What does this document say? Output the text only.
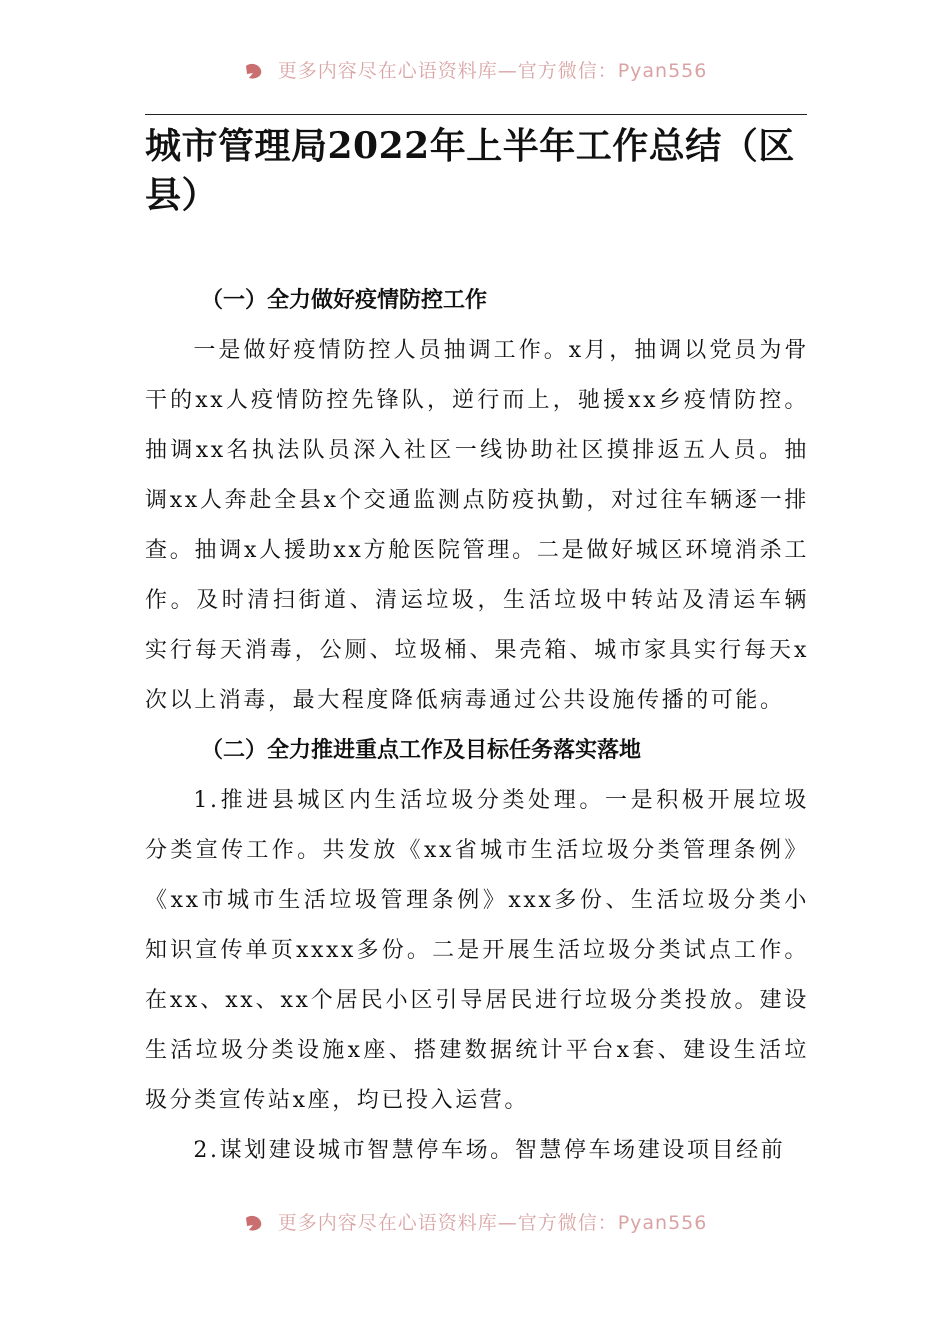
更多内容尽在心语资料库—官方微信：Pyan556
城市管理局2022年上半年工作总结（区县）
（一）全力做好疫情防控工作

一是做好疫情防控人员抽调工作。x月，抽调以党员为骨干的xx人疫情防控先锋队，逆行而上，驰援xx乡疫情防控。抽调xx名执法队员深入社区一线协助社区摸排返五人员。抽调xx人奔赴全县x个交通监测点防疫执勤，对过往车辆逐一排查。抽调x人援助xx方舱医院管理。二是做好城区环境消杀工作。及时清扫街道、清运垃圾，生活垃圾中转站及清运车辆实行每天消毒，公厕、垃圾桶、果壳箱、城市家具实行每天x次以上消毒，最大程度降低病毒通过公共设施传播的可能。

（二）全力推进重点工作及目标任务落实落地

1.推进县城区内生活垃圾分类处理。一是积极开展垃圾分类宣传工作。共发放《xx省城市生活垃圾分类管理条例》《xx市城市生活垃圾管理条例》xxx多份、生活垃圾分类小知识宣传单页xxxx多份。二是开展生活垃圾分类试点工作。在xx、xx、xx个居民小区引导居民进行垃圾分类投放。建设生活垃圾分类设施x座、搭建数据统计平台x套、建设生活垃圾分类宣传站x座，均已投入运营。

2.谋划建设城市智慧停车场。智慧停车场建设项目经前

更多内容尽在心语资料库—官方微信：Pyan556
